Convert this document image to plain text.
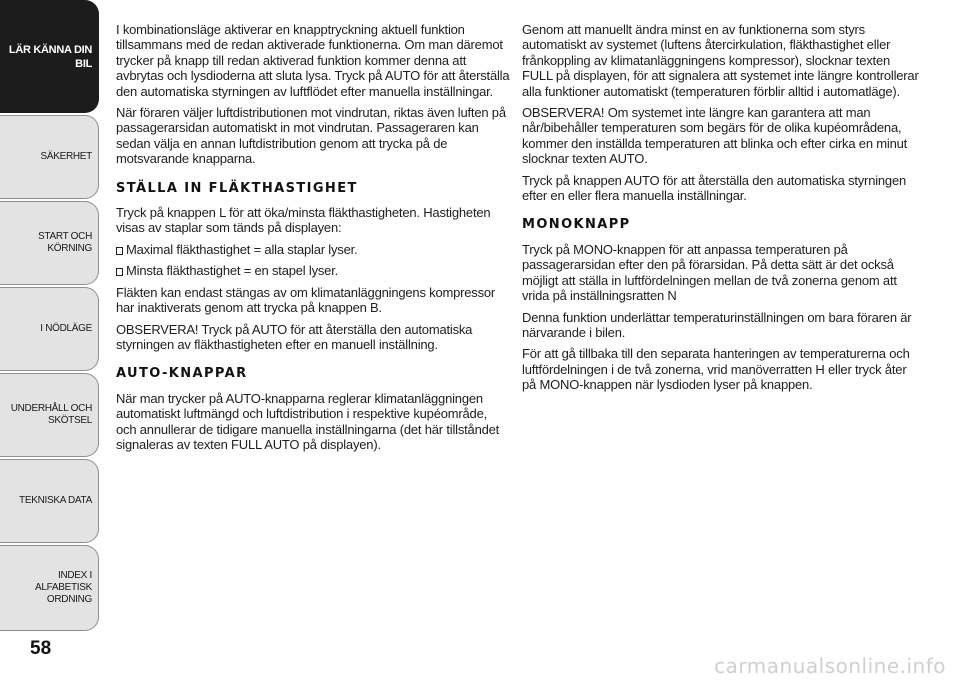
LÄR KÄNNA DIN
BIL
SÄKERHET
START OCH
KÖRNING
I NÖDLÄGE
UNDERHÅLL OCH
SKÖTSEL
TEKNISKA DATA
INDEX I ALFABETISK
ORDNING
58

I kombinationsläge aktiverar en knapptryckning aktuell funktion tillsammans med de redan aktiverade funktionerna. Om man däremot trycker på knapp till redan aktiverad funktion kommer denna att avbrytas och lysdioderna att sluta lysa. Tryck på AUTO för att återställa den automatiska styrningen av luftflödet efter manuella inställningar.

När föraren väljer luftdistributionen mot vindrutan, riktas även luften på passagerarsidan automatiskt in mot vindrutan. Passageraren kan sedan välja en annan luftdistribution genom att trycka på de motsvarande knapparna.

STÄLLA IN FLÄKTHASTIGHET

Tryck på knappen L för att öka/minsta fläkthastigheten. Hastigheten visas av staplar som tänds på displayen:

Maximal fläkthastighet = alla staplar lyser.
Minsta fläkthastighet = en stapel lyser.

Fläkten kan endast stängas av om klimatanläggningens kompressor har inaktiverats genom att trycka på knappen B.

OBSERVERA! Tryck på AUTO för att återställa den automatiska styrningen av fläkthastigheten efter en manuell inställning.

AUTO-KNAPPAR

När man trycker på AUTO-knapparna reglerar klimatanläggningen automatiskt luftmängd och luftdistribution i respektive kupéområde, och annullerar de tidigare manuella inställningarna (det här tillståndet signaleras av texten FULL AUTO på displayen).

Genom att manuellt ändra minst en av funktionerna som styrs automatiskt av systemet (luftens återcirkulation, fläkthastighet eller frånkoppling av klimatanläggningens kompressor), slocknar texten FULL på displayen, för att signalera att systemet inte längre kontrollerar alla funktioner automatiskt (temperaturen förblir alltid i automatläge).

OBSERVERA! Om systemet inte längre kan garantera att man når/bibehåller temperaturen som begärs för de olika kupéområdena, kommer den inställda temperaturen att blinka och efter cirka en minut slocknar texten AUTO.

Tryck på knappen AUTO för att återställa den automatiska styrningen efter en eller flera manuella inställningar.

MONOKNAPP

Tryck på MONO-knappen för att anpassa temperaturen på passagerarsidan efter den på förarsidan. På detta sätt är det också möjligt att ställa in luftfördelningen mellan de två zonerna genom att vrida på inställningsratten N

Denna funktion underlättar temperaturinställningen om bara föraren är närvarande i bilen.

För att gå tillbaka till den separata hanteringen av temperaturerna och luftfördelningen i de två zonerna, vrid manöverratten H eller tryck åter på MONO-knappen när lysdioden lyser på knappen.

carmanualsonline.info
